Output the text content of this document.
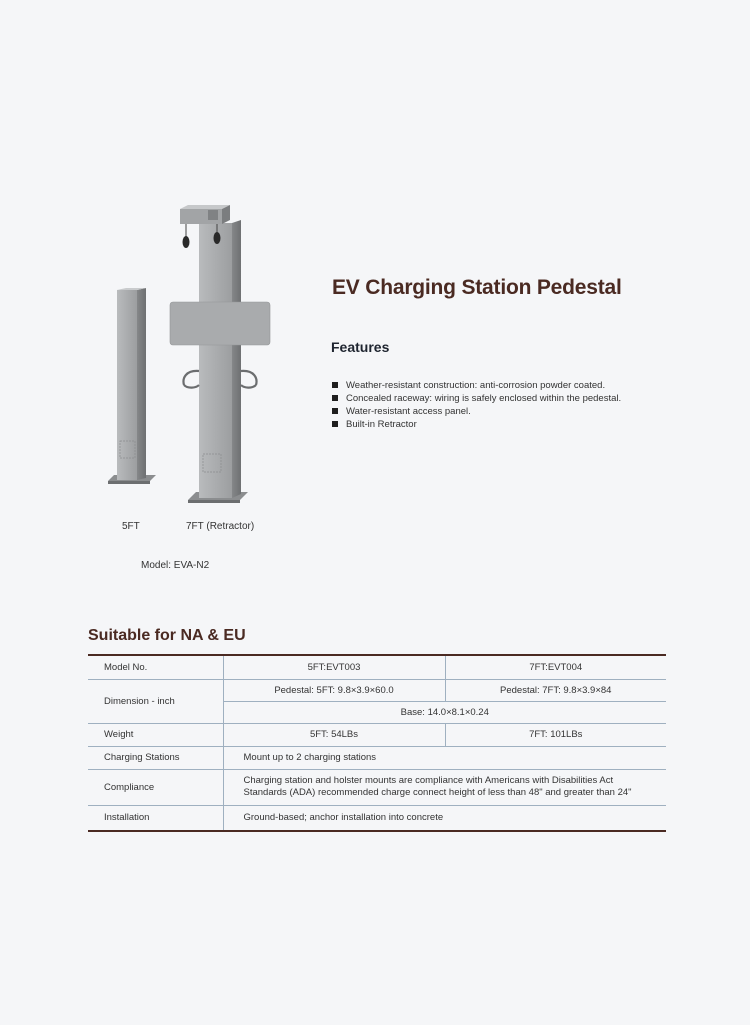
5FT	7FT (Retractor)
Model: EVA-N2
EV Charging Station Pedestal
Features
Weather-resistant construction: anti-corrosion powder coated.
Concealed raceway: wiring is safely enclosed within the pedestal.
Water-resistant access panel.
Built-in Retractor
Suitable for NA & EU
Model No.	5FT:EVT003	7FT:EVT004
Dimension - inch	Pedestal: 5FT: 9.8×3.9×60.0	Pedestal: 7FT: 9.8×3.9×84
	Base: 14.0×8.1×0.24	
Weight	5FT: 54LBs	7FT: 101LBs
Charging Stations	Mount up to 2 charging stations	
Compliance	Charging station and holster mounts are compliance with Americans with Disabilities Act Standards (ADA) recommended charge connect height of less than 48" and greater than 24"	
Installation	Ground-based; anchor installation into concrete	
